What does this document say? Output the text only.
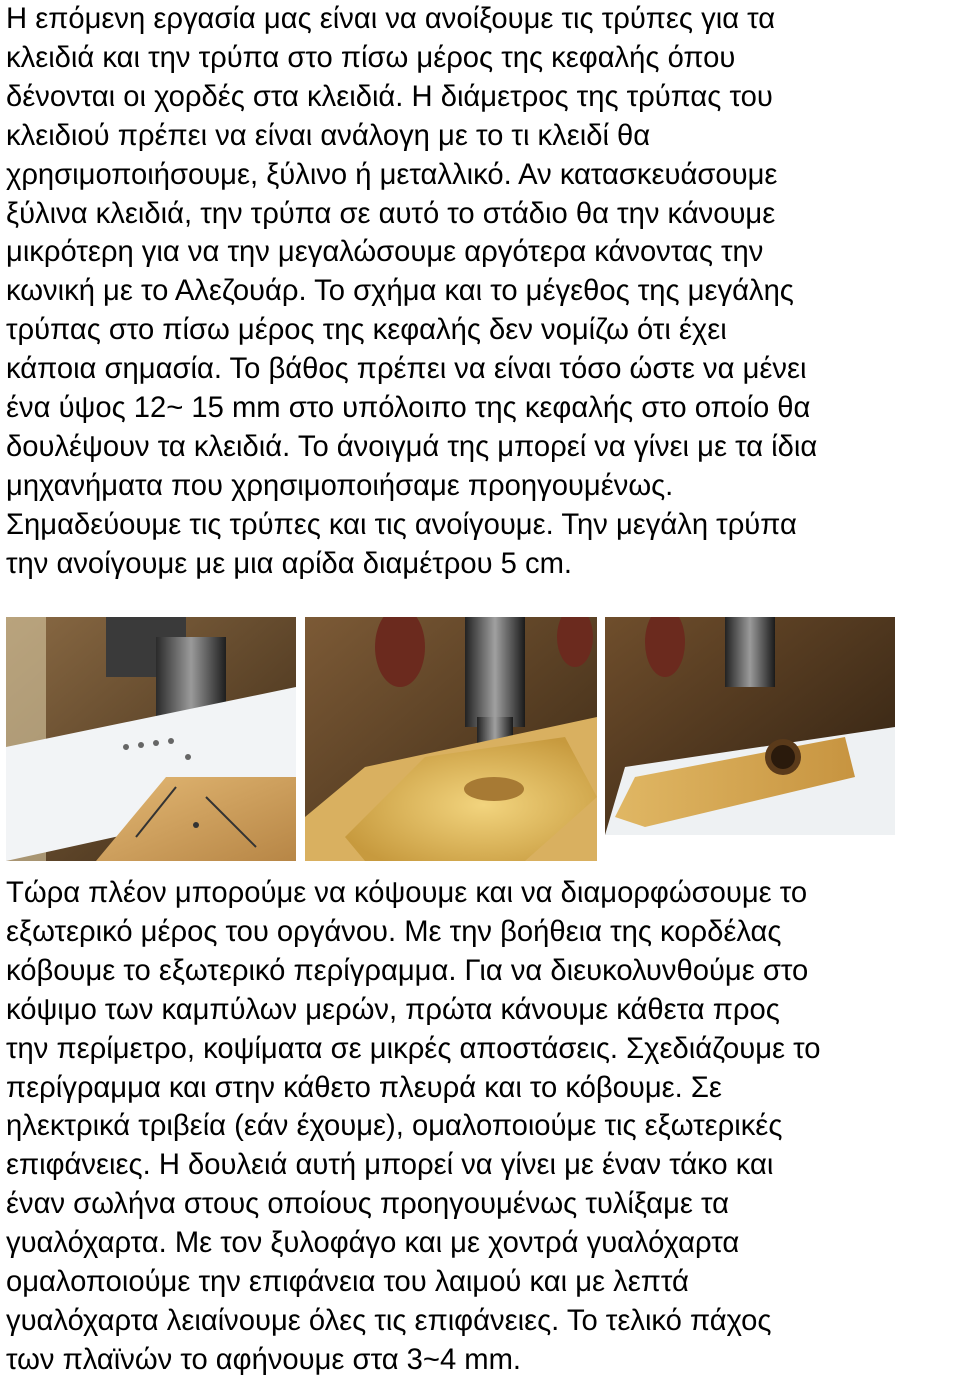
Η επόμενη εργασία μας είναι να ανοίξουμε τις τρύπες για τα
κλειδιά και την τρύπα στο πίσω μέρος της κεφαλής όπου
δένονται οι χορδές στα κλειδιά. Η διάμετρος της τρύπας του
κλειδιού πρέπει να είναι ανάλογη με το τι κλειδί θα
χρησιμοποιήσουμε, ξύλινο ή μεταλλικό. Αν κατασκευάσουμε
ξύλινα κλειδιά, την τρύπα σε αυτό το στάδιο θα την κάνουμε
μικρότερη για να την μεγαλώσουμε αργότερα κάνοντας την
κωνική με το Αλεζουάρ. Το σχήμα και το μέγεθος της μεγάλης
τρύπας στο πίσω μέρος της κεφαλής δεν νομίζω ότι έχει
κάποια σημασία. Το βάθος πρέπει να είναι τόσο ώστε να μένει
ένα ύψος 12~ 15 mm στο υπόλοιπο της κεφαλής στο οποίο θα
δουλέψουν τα κλειδιά. Το άνοιγμά της μπορεί να γίνει με τα ίδια
μηχανήματα που χρησιμοποιήσαμε προηγουμένως.
Σημαδεύουμε τις τρύπες και τις ανοίγουμε. Την μεγάλη τρύπα
την ανοίγουμε με μια αρίδα διαμέτρου 5 cm.
Τώρα πλέον μπορούμε να κόψουμε και να διαμορφώσουμε το
εξωτερικό μέρος του οργάνου. Με την βοήθεια της κορδέλας
κόβουμε το εξωτερικό περίγραμμα. Για να διευκολυνθούμε στο
κόψιμο των καμπύλων μερών, πρώτα κάνουμε κάθετα προς
την περίμετρο, κοψίματα σε μικρές αποστάσεις. Σχεδιάζουμε το
περίγραμμα και στην κάθετο πλευρά και το κόβουμε. Σε
ηλεκτρικά τριβεία (εάν έχουμε), ομαλοποιούμε τις εξωτερικές
επιφάνειες. Η δουλειά αυτή μπορεί να γίνει με έναν τάκο και
έναν σωλήνα στους οποίους προηγουμένως τυλίξαμε τα
γυαλόχαρτα. Με τον ξυλοφάγο και με χοντρά γυαλόχαρτα
ομαλοποιούμε την επιφάνεια του λαιμού και με λεπτά
γυαλόχαρτα λειαίνουμε όλες τις επιφάνειες. Το τελικό πάχος
των πλαϊνών το αφήνουμε στα 3~4 mm.
